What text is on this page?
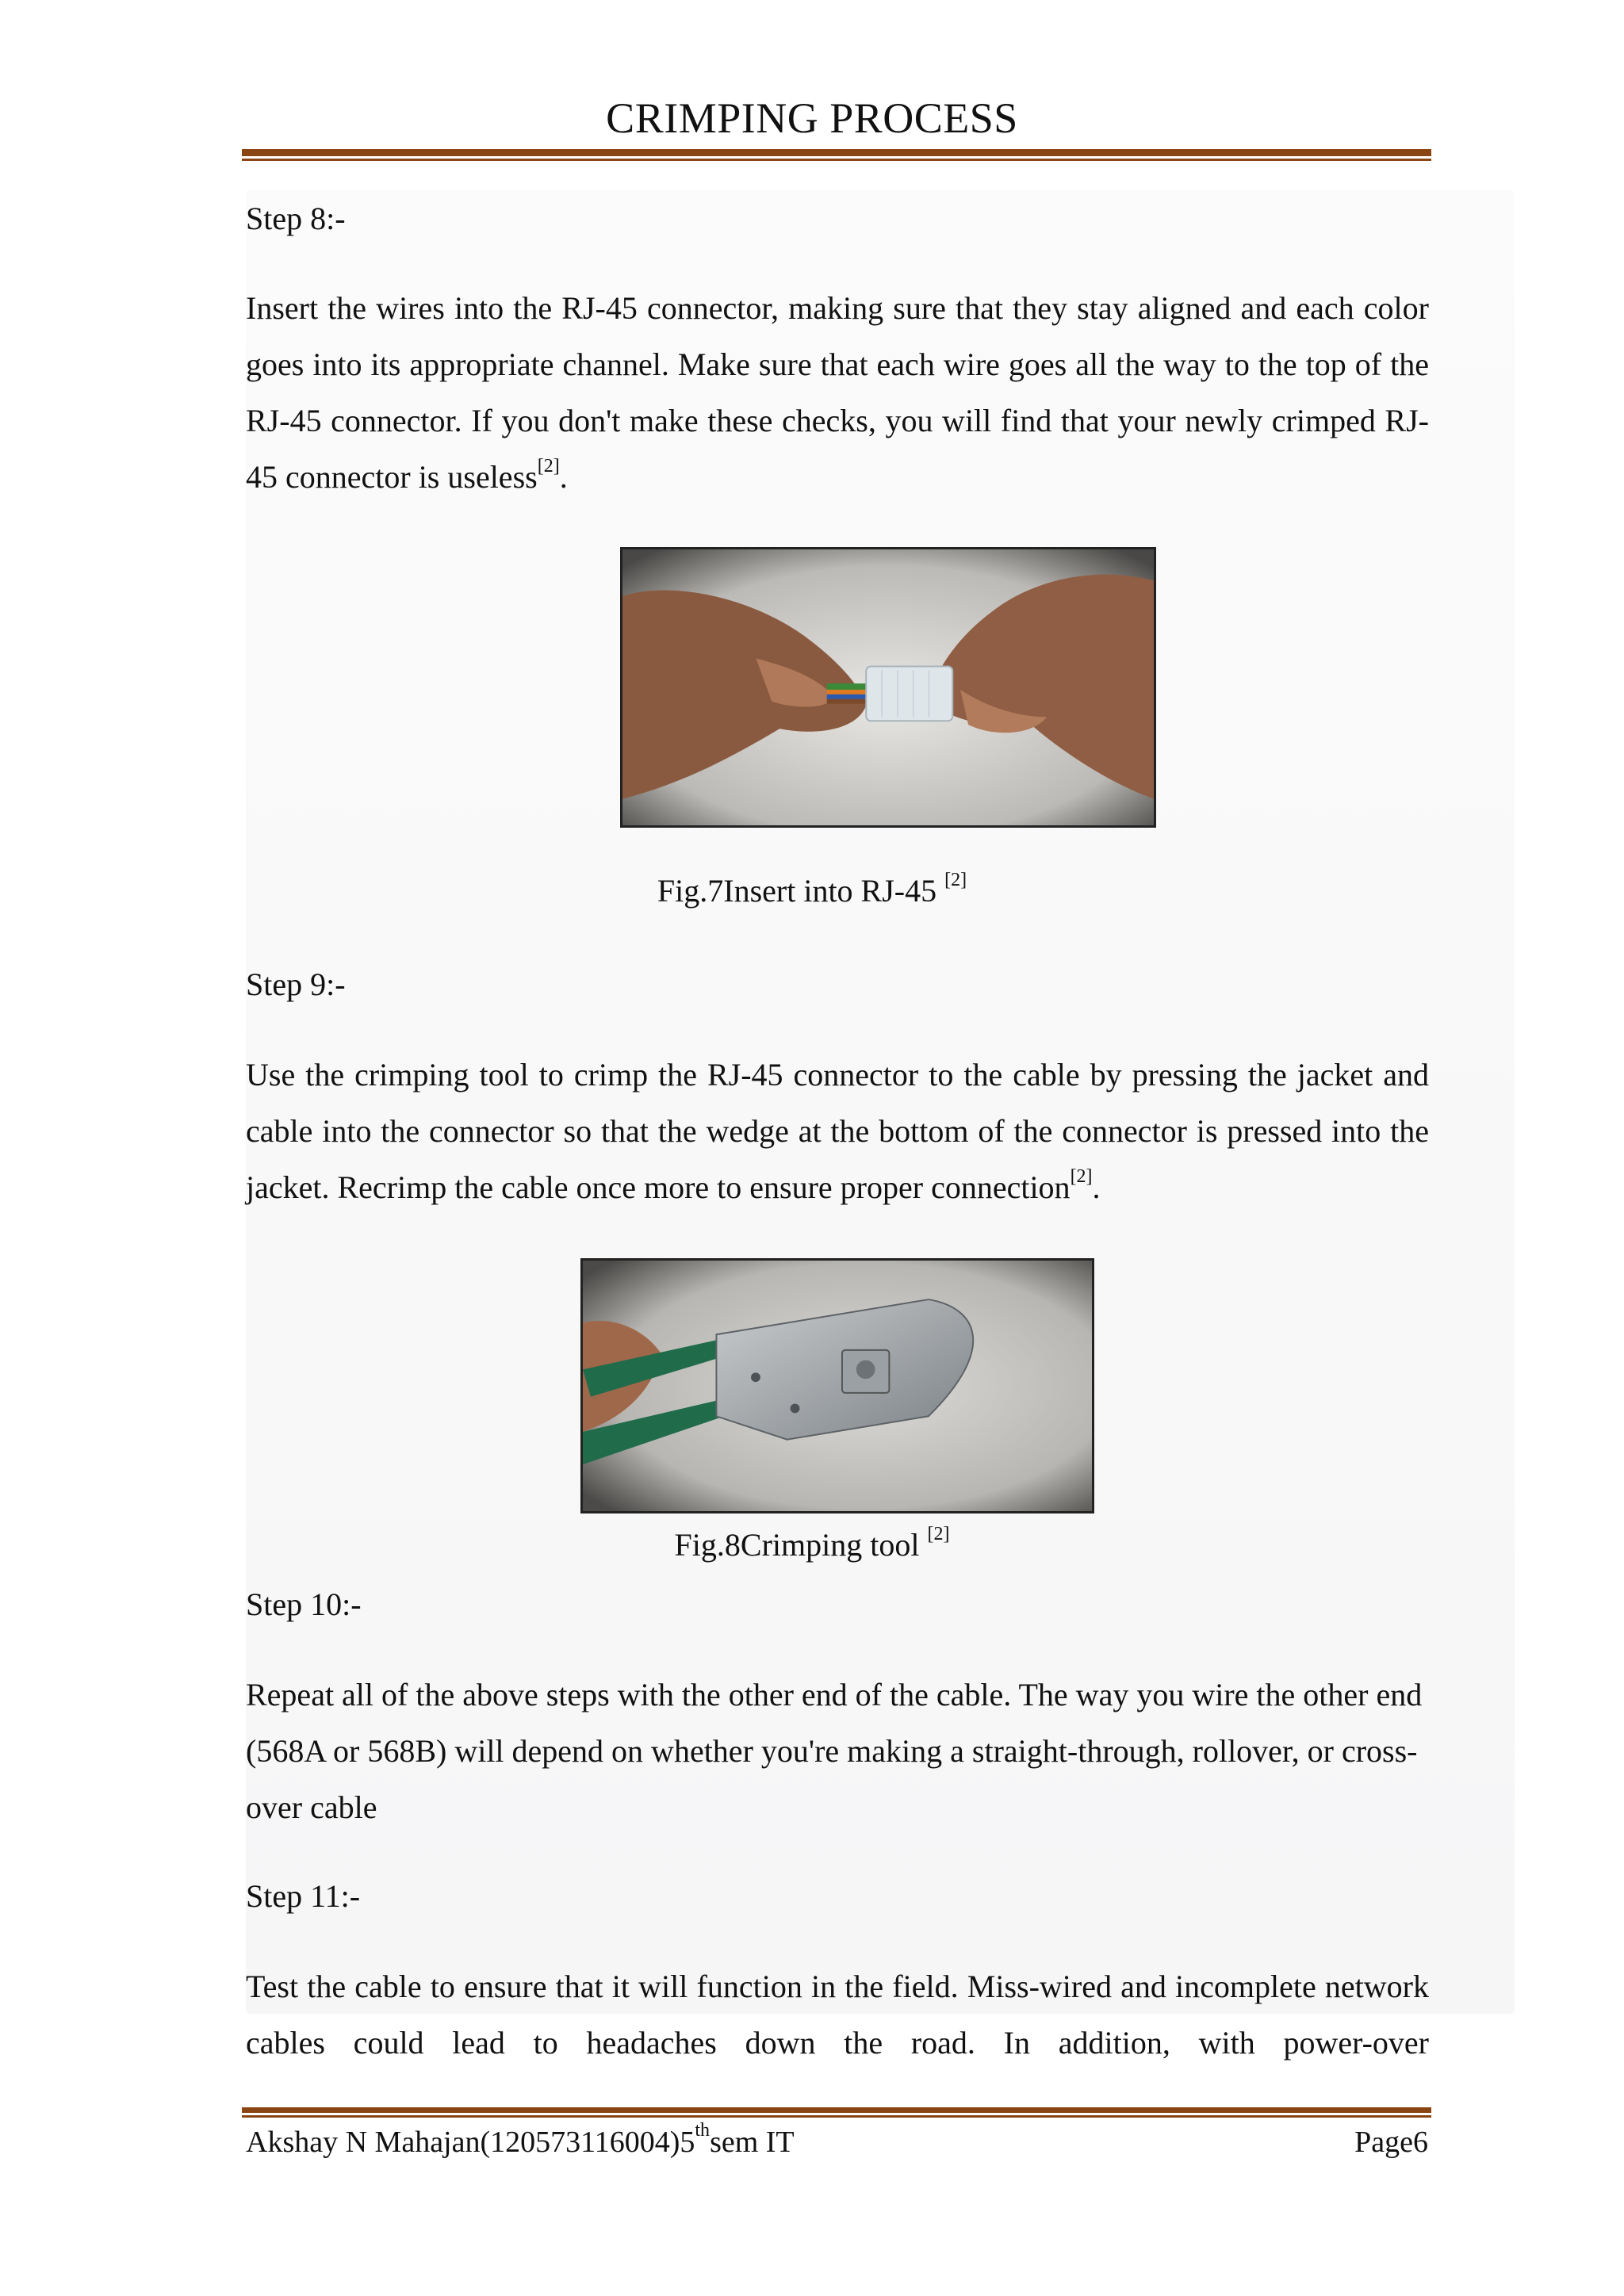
CRIMPING PROCESS
Step 8:-
Insert the wires into the RJ-45 connector, making sure that they stay aligned and each color goes into its appropriate channel. Make sure that each wire goes all the way to the top of the RJ-45 connector. If you don't make these checks, you will find that your newly crimped RJ-45 connector is useless[2].
Fig.7Insert into RJ-45 [2]
Step 9:-
Use the crimping tool to crimp the RJ-45 connector to the cable by pressing the jacket and cable into the connector so that the wedge at the bottom of the connector is pressed into the jacket. Recrimp the cable once more to ensure proper connection[2].
Fig.8Crimping tool [2]
Step 10:-
Repeat all of the above steps with the other end of the cable. The way you wire the other end (568A or 568B) will depend on whether you're making a straight-through, rollover, or cross-over cable
Step 11:-
Test the cable to ensure that it will function in the field. Miss-wired and incomplete network cables could lead to headaches down the road. In addition, with power-over
Akshay N Mahajan(120573116004)5thsem IT	Page6
